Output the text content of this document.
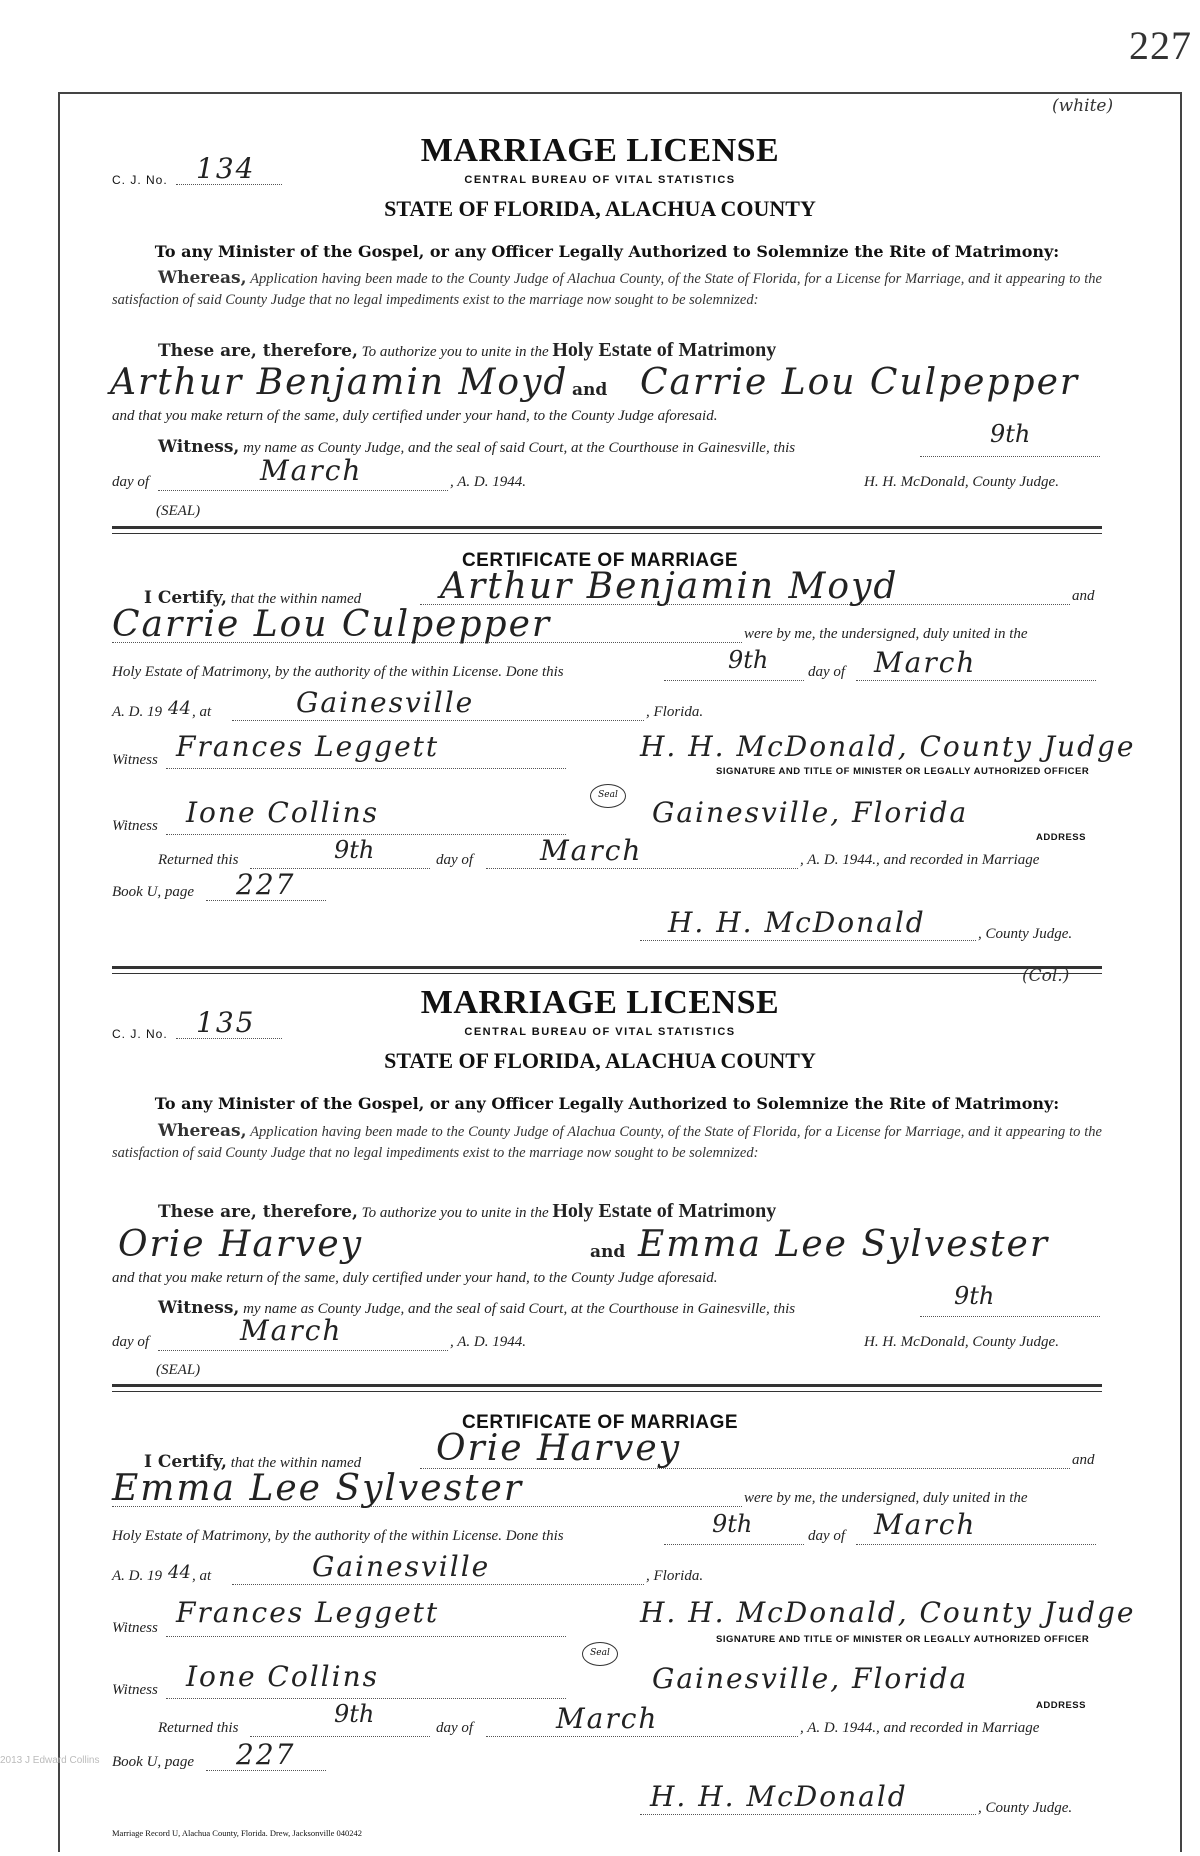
227
(white)
C. J. No. 134	MARRIAGE LICENSE
CENTRAL BUREAU OF VITAL STATISTICS
STATE OF FLORIDA, ALACHUA COUNTY
To any Minister of the Gospel, or any Officer Legally Authorized to Solemnize the Rite of Matrimony:
Whereas, Application having been made to the County Judge of Alachua County, of the State of Florida, for a License for Marriage, and it appearing to the satisfaction of said County Judge that no legal impediments exist to the marriage now sought to be solemnized:
These are, therefore, To authorize you to unite in the Holy Estate of Matrimony
Arthur Benjamin Moyd and Carrie Lou Culpepper
and that you make return of the same, duly certified under your hand, to the County Judge aforesaid.
Witness, my name as County Judge, and the seal of said Court, at the Courthouse in Gainesville, this	9th
day of	March	, A. D. 1944.	H. H. McDonald, County Judge.
(SEAL)
CERTIFICATE OF MARRIAGE
I Certify, that the within named Arthur Benjamin Moyd	and
Carrie Lou Culpepper	were by me, the undersigned, duly united in the
Holy Estate of Matrimony, by the authority of the within License. Done this	9th	day of March
A. D. 19 44 , at	Gainesville	, Florida.
Witness Frances Leggett	H. H. McDonald, County Judge
SIGNATURE AND TITLE OF MINISTER OR LEGALLY AUTHORIZED OFFICER
Seal
Witness Ione Collins	Gainesville, Florida
ADDRESS
Returned this	9th	day of March	, A. D. 1944., and recorded in Marriage
Book U, page 227
H. H. McDonald	, County Judge.
(Col.)
C. J. No. 135
MARRIAGE LICENSE
CENTRAL BUREAU OF VITAL STATISTICS
STATE OF FLORIDA, ALACHUA COUNTY
To any Minister of the Gospel, or any Officer Legally Authorized to Solemnize the Rite of Matrimony:
Whereas, Application having been made to the County Judge of Alachua County, of the State of Florida, for a License for Marriage, and it appearing to the satisfaction of said County Judge that no legal impediments exist to the marriage now sought to be solemnized:
These are, therefore, To authorize you to unite in the Holy Estate of Matrimony
Orie Harvey	and Emma Lee Sylvester
and that you make return of the same, duly certified under your hand, to the County Judge aforesaid.
Witness, my name as County Judge, and the seal of said Court, at the Courthouse in Gainesville, this	9th
day of	March	, A. D. 1944.	H. H. McDonald, County Judge.
(SEAL)
CERTIFICATE OF MARRIAGE
I Certify, that the within named Orie Harvey	and
Emma Lee Sylvester	were by me, the undersigned, duly united in the
Holy Estate of Matrimony, by the authority of the within License. Done this	9th	day of March
A. D. 19 44 , at	Gainesville	, Florida.
Witness Frances Leggett	H. H. McDonald, County Judge
SIGNATURE AND TITLE OF MINISTER OR LEGALLY AUTHORIZED OFFICER
Seal
Witness Ione Collins	Gainesville, Florida
ADDRESS
Returned this	9th	day of	March	, A. D. 1944., and recorded in Marriage
Book U, page 227
H. H. McDonald	, County Judge.
2013 J Edward Collins
Marriage Record U, Alachua County, Florida. Drew, Jacksonville 040242
